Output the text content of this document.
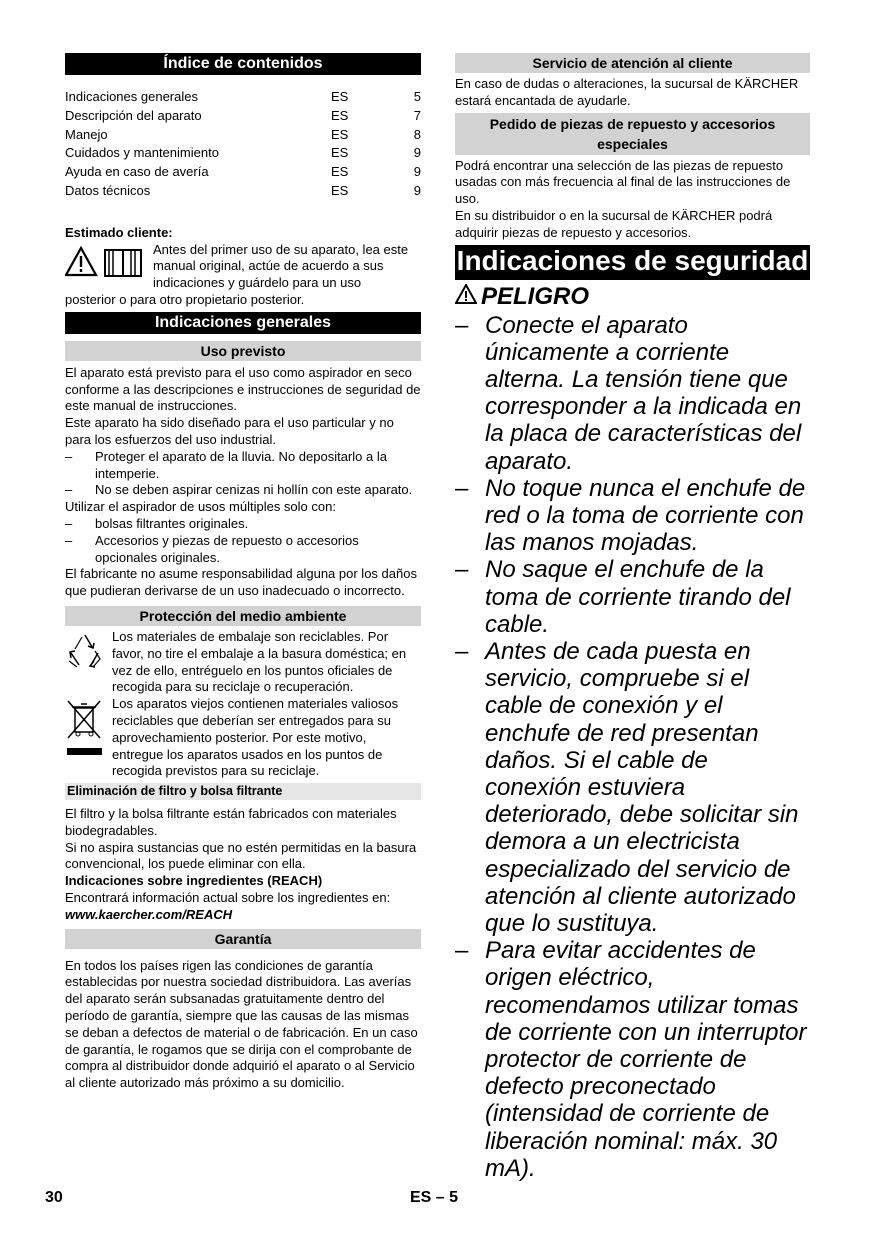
Índice de contenidos
Indicaciones generales	ES	5
Descripción del aparato	ES	7
Manejo	ES	8
Cuidados y mantenimiento	ES	9
Ayuda en caso de avería	ES	9
Datos técnicos	ES	9

Estimado cliente:

Antes del primer uso de su aparato, lea este manual original, actúe de acuerdo a sus indicaciones y guárdelo para un uso

posterior o para otro propietario posterior.

Indicaciones generales
Uso previsto

El aparato está previsto para el uso como aspirador en seco conforme a las descripciones e instrucciones de seguridad de este manual de instrucciones.

Este aparato ha sido diseñado para el uso particular y no para los esfuerzos del uso industrial.

–	Proteger el aparato de la lluvia. No depositarlo a la intemperie.
–	No se deben aspirar cenizas ni hollín con este aparato.

Utilizar el aspirador de usos múltiples solo con:

–	bolsas filtrantes originales.
–	Accesorios y piezas de repuesto o accesorios opcionales originales.

El fabricante no asume responsabilidad alguna por los daños que pudieran derivarse de un uso inadecuado o incorrecto.

Protección del medio ambiente

Los materiales de embalaje son reciclables. Por favor, no tire el embalaje a la basura doméstica; en vez de ello, entréguelo en los puntos oficiales de recogida para su reciclaje o recuperación.

Los aparatos viejos contienen materiales valiosos reciclables que deberían ser entregados para su aprovechamiento posterior. Por este motivo, entregue los aparatos usados en los puntos de recogida previstos para su reciclaje.

Eliminación de filtro y bolsa filtrante

El filtro y la bolsa filtrante están fabricados con materiales biodegradables.

Si no aspira sustancias que no estén permitidas en la basura convencional, los puede eliminar con ella.

Indicaciones sobre ingredientes (REACH)

Encontrará información actual sobre los ingredientes en:

www.kaercher.com/REACH

Garantía

En todos los países rigen las condiciones de garantía establecidas por nuestra sociedad distribuidora. Las averías del aparato serán subsanadas gratuitamente dentro del período de garantía, siempre que las causas de las mismas se deban a defectos de material o de fabricación. En un caso de garantía, le rogamos que se dirija con el comprobante de compra al distribuidor donde adquirió el aparato o al Servicio al cliente autorizado más próximo a su domicilio.

Servicio de atención al cliente

En caso de dudas o alteraciones, la sucursal de KÄRCHER estará encantada de ayudarle.

Pedido de piezas de repuesto y accesorios especiales

Podrá encontrar una selección de las piezas de repuesto usadas con más frecuencia al final de las instrucciones de uso.

En su distribuidor o en la sucursal de KÄRCHER podrá adquirir piezas de repuesto y accesorios.

Indicaciones de seguridad
PELIGRO
– Conecte el aparato únicamente a corriente alterna. La tensión tiene que corresponder a la indicada en la placa de características del aparato.
– No toque nunca el enchufe de red o la toma de corriente con las manos mojadas.
– No saque el enchufe de la toma de corriente tirando del cable.
– Antes de cada puesta en servicio, compruebe si el cable de conexión y el enchufe de red presentan daños. Si el cable de conexión estuviera deteriorado, debe solicitar sin demora a un electricista especializado del servicio de atención al cliente autorizado que lo sustituya.
– Para evitar accidentes de origen eléctrico, recomendamos utilizar tomas de corriente con un interruptor protector de corriente de defecto preconectado (intensidad de corriente de liberación nominal: máx. 30 mA).
30	ES – 5
